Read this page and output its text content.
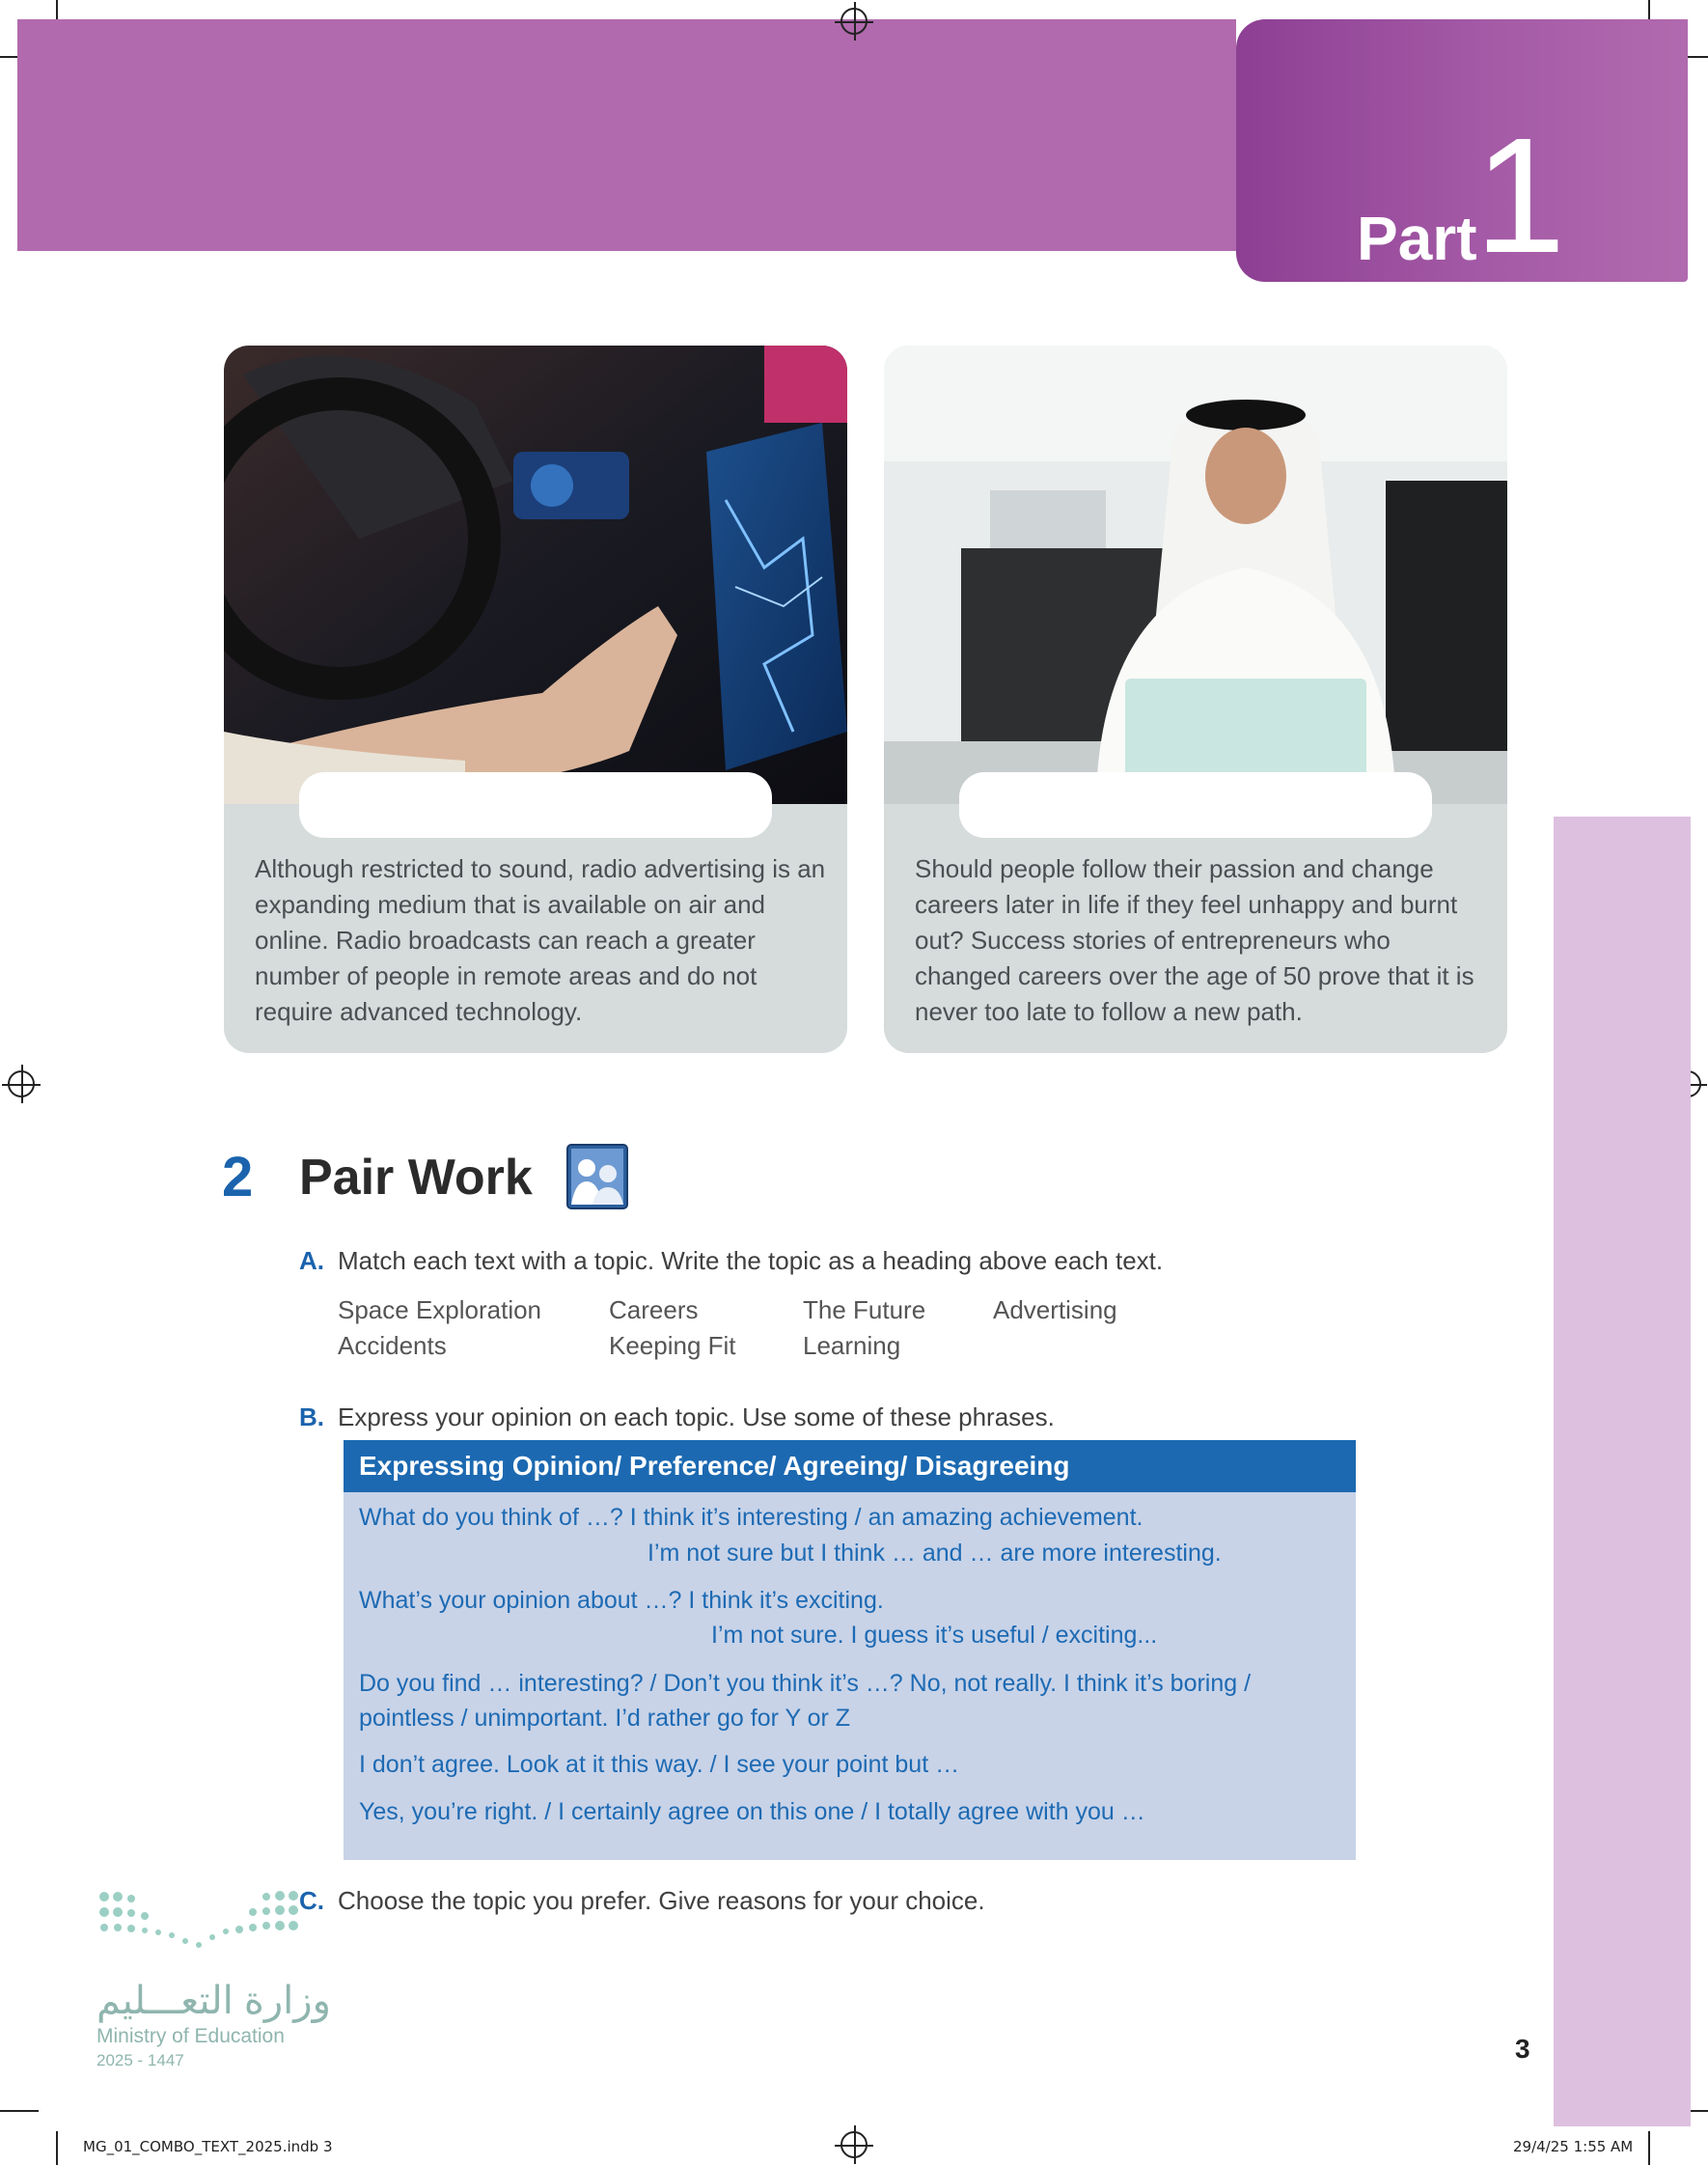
Part
1
Although restricted to sound, radio advertising is an expanding medium that is available on air and online. Radio broadcasts can reach a greater number of people in remote areas and do not require advanced technology.
Should people follow their passion and change careers later in life if they feel unhappy and burnt out? Success stories of entrepreneurs who changed careers over the age of 50 prove that it is never too late to follow a new path.
2 Pair Work
A. Match each text with a topic. Write the topic as a heading above each text.
Space Exploration	Careers	The Future	Advertising
Accidents	Keeping Fit	Learning
B. Express your opinion on each topic. Use some of these phrases.
Expressing Opinion/ Preference/ Agreeing/ Disagreeing
What do you think of …? I think it’s interesting / an amazing achievement.
I’m not sure but I think … and … are more interesting.
What’s your opinion about …? I think it’s exciting.
I’m not sure. I guess it’s useful / exciting...
Do you find … interesting? / Don’t you think it’s …? No, not really. I think it’s boring /
pointless / unimportant. I’d rather go for Y or Z
I don’t agree. Look at it this way. / I see your point but …
Yes, you’re right. / I certainly agree on this one / I totally agree with you …
C. Choose the topic you prefer. Give reasons for your choice.
وزارة التعـــليم
Ministry of Education
2025 - 1447	3
MG_01_COMBO_TEXT_2025.indb 3	29/4/25 1:55 AM
